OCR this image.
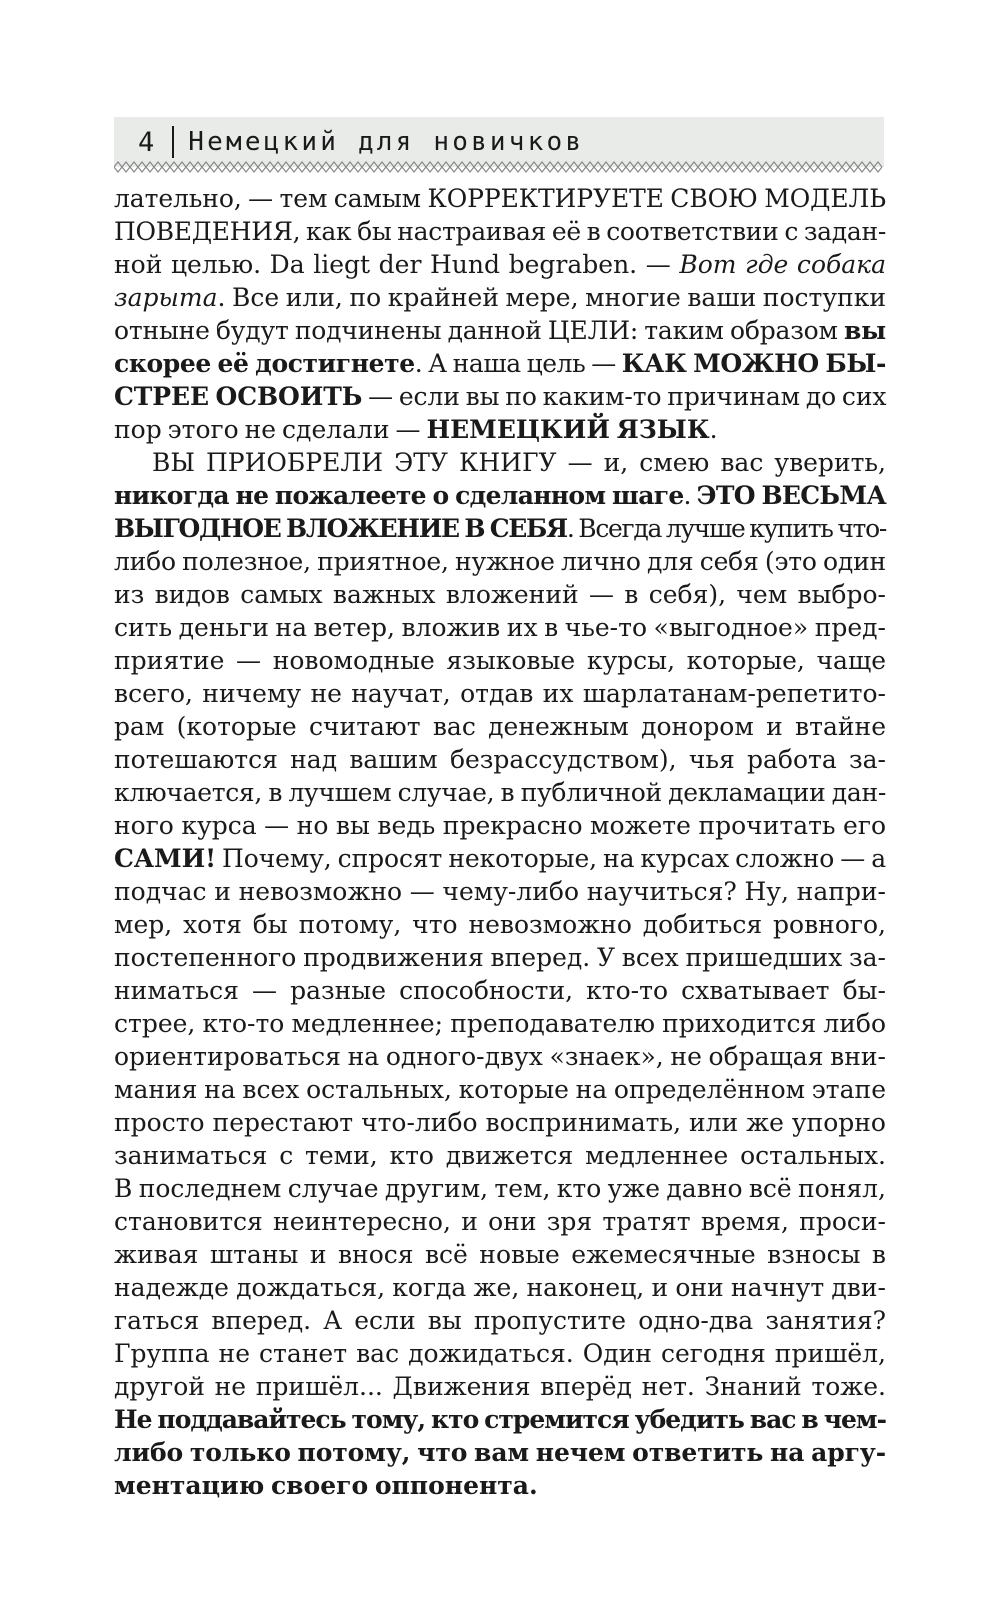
4 Немецкий для новичков

лательно, — тем самым КОРРЕКТИРУЕТЕ СВОЮ МОДЕЛЬ

ПОВЕДЕНИЯ, как бы настраивая её в соответствии с задан-

ной целью. Da liegt der Hund begraben. — Вот где собака

зарыта. Все или, по крайней мере, многие ваши поступки

отныне будут подчинены данной ЦЕЛИ: таким образом вы

скорее её достигнете. А наша цель — КАК МОЖНО БЫ-

СТРЕЕ ОСВОИТЬ — если вы по каким-то причинам до сих

пор этого не сделали — НЕМЕЦКИЙ ЯЗЫК.

ВЫ ПРИОБРЕЛИ ЭТУ КНИГУ — и, смею вас уверить,

никогда не пожалеете о сделанном шаге. ЭТО ВЕСЬМА

ВЫГОДНОЕ ВЛОЖЕНИЕ В СЕБЯ. Всегда лучше купить что-

либо полезное, приятное, нужное лично для себя (это один

из видов самых важных вложений — в себя), чем выбро-

сить деньги на ветер, вложив их в чье-то «выгодное» пред-

приятие — новомодные языковые курсы, которые, чаще

всего, ничему не научат, отдав их шарлатанам-репетито-

рам (которые считают вас денежным донором и втайне

потешаются над вашим безрассудством), чья работа за-

ключается, в лучшем случае, в публичной декламации дан-

ного курса — но вы ведь прекрасно можете прочитать его

САМИ! Почему, спросят некоторые, на курсах сложно — а

подчас и невозможно — чему-либо научиться? Ну, напри-

мер, хотя бы потому, что невозможно добиться ровного,

постепенного продвижения вперед. У всех пришедших за-

ниматься — разные способности, кто-то схватывает бы-

стрее, кто-то медленнее; преподавателю приходится либо

ориентироваться на одного-двух «знаек», не обращая вни-

мания на всех остальных, которые на определённом этапе

просто перестают что-либо воспринимать, или же упорно

заниматься с теми, кто движется медленнее остальных.

В последнем случае другим, тем, кто уже давно всё понял,

становится неинтересно, и они зря тратят время, проси-

живая штаны и внося всё новые ежемесячные взносы в

надежде дождаться, когда же, наконец, и они начнут дви-

гаться вперед. А если вы пропустите одно-два занятия?

Группа не станет вас дожидаться. Один сегодня пришёл,

другой не пришёл... Движения вперёд нет. Знаний тоже.

Не поддавайтесь тому, кто стремится убедить вас в чем-

либо только потому, что вам нечем ответить на аргу-

ментацию своего оппонента.
